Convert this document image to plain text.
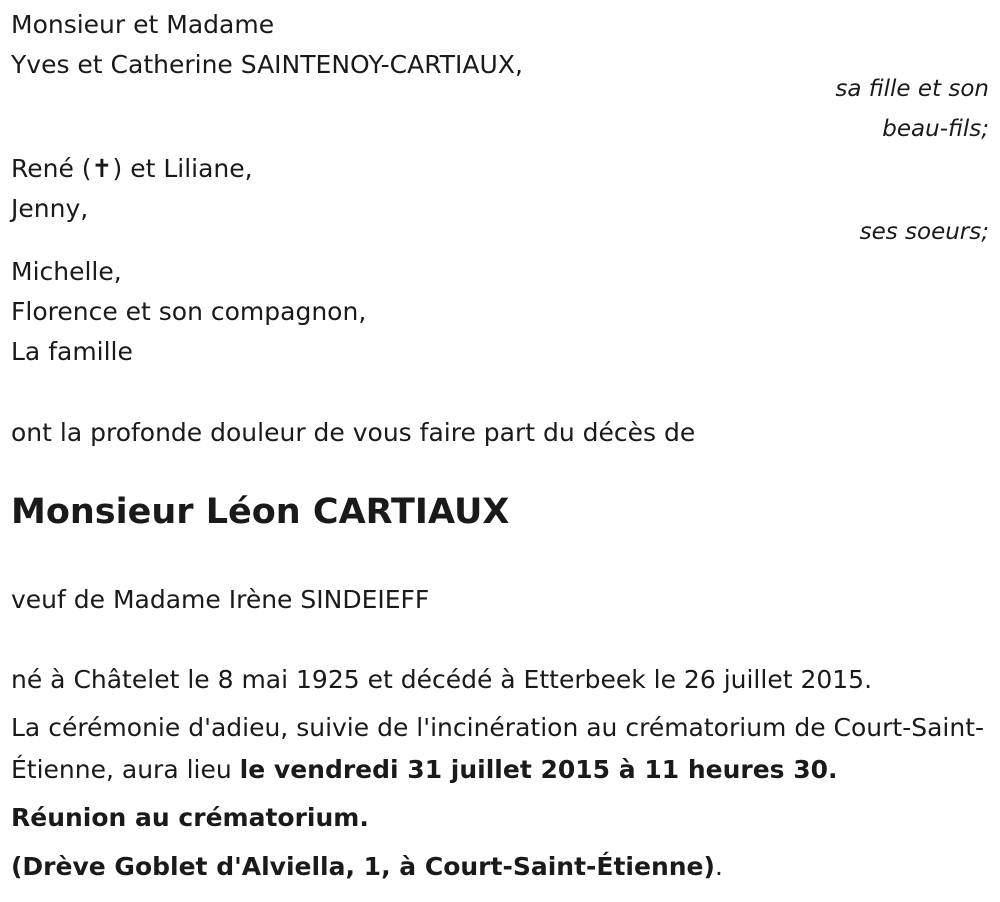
Monsieur et Madame
Yves et Catherine SAINTENOY-CARTIAUX,
sa fille et son
beau-fils;
René (✝) et Liliane,
Jenny,
ses soeurs;
Michelle,
Florence et son compagnon,
La famille
ont la profonde douleur de vous faire part du décès de
Monsieur Léon CARTIAUX
veuf de Madame Irène SINDEIEFF
né à Châtelet le 8 mai 1925 et décédé à Etterbeek le 26 juillet 2015.
La cérémonie d'adieu, suivie de l'incinération au crématorium de Court-Saint-Étienne, aura lieu le vendredi 31 juillet 2015 à 11 heures 30.
Réunion au crématorium.
(Drève Goblet d'Alviella, 1, à Court-Saint-Étienne).
